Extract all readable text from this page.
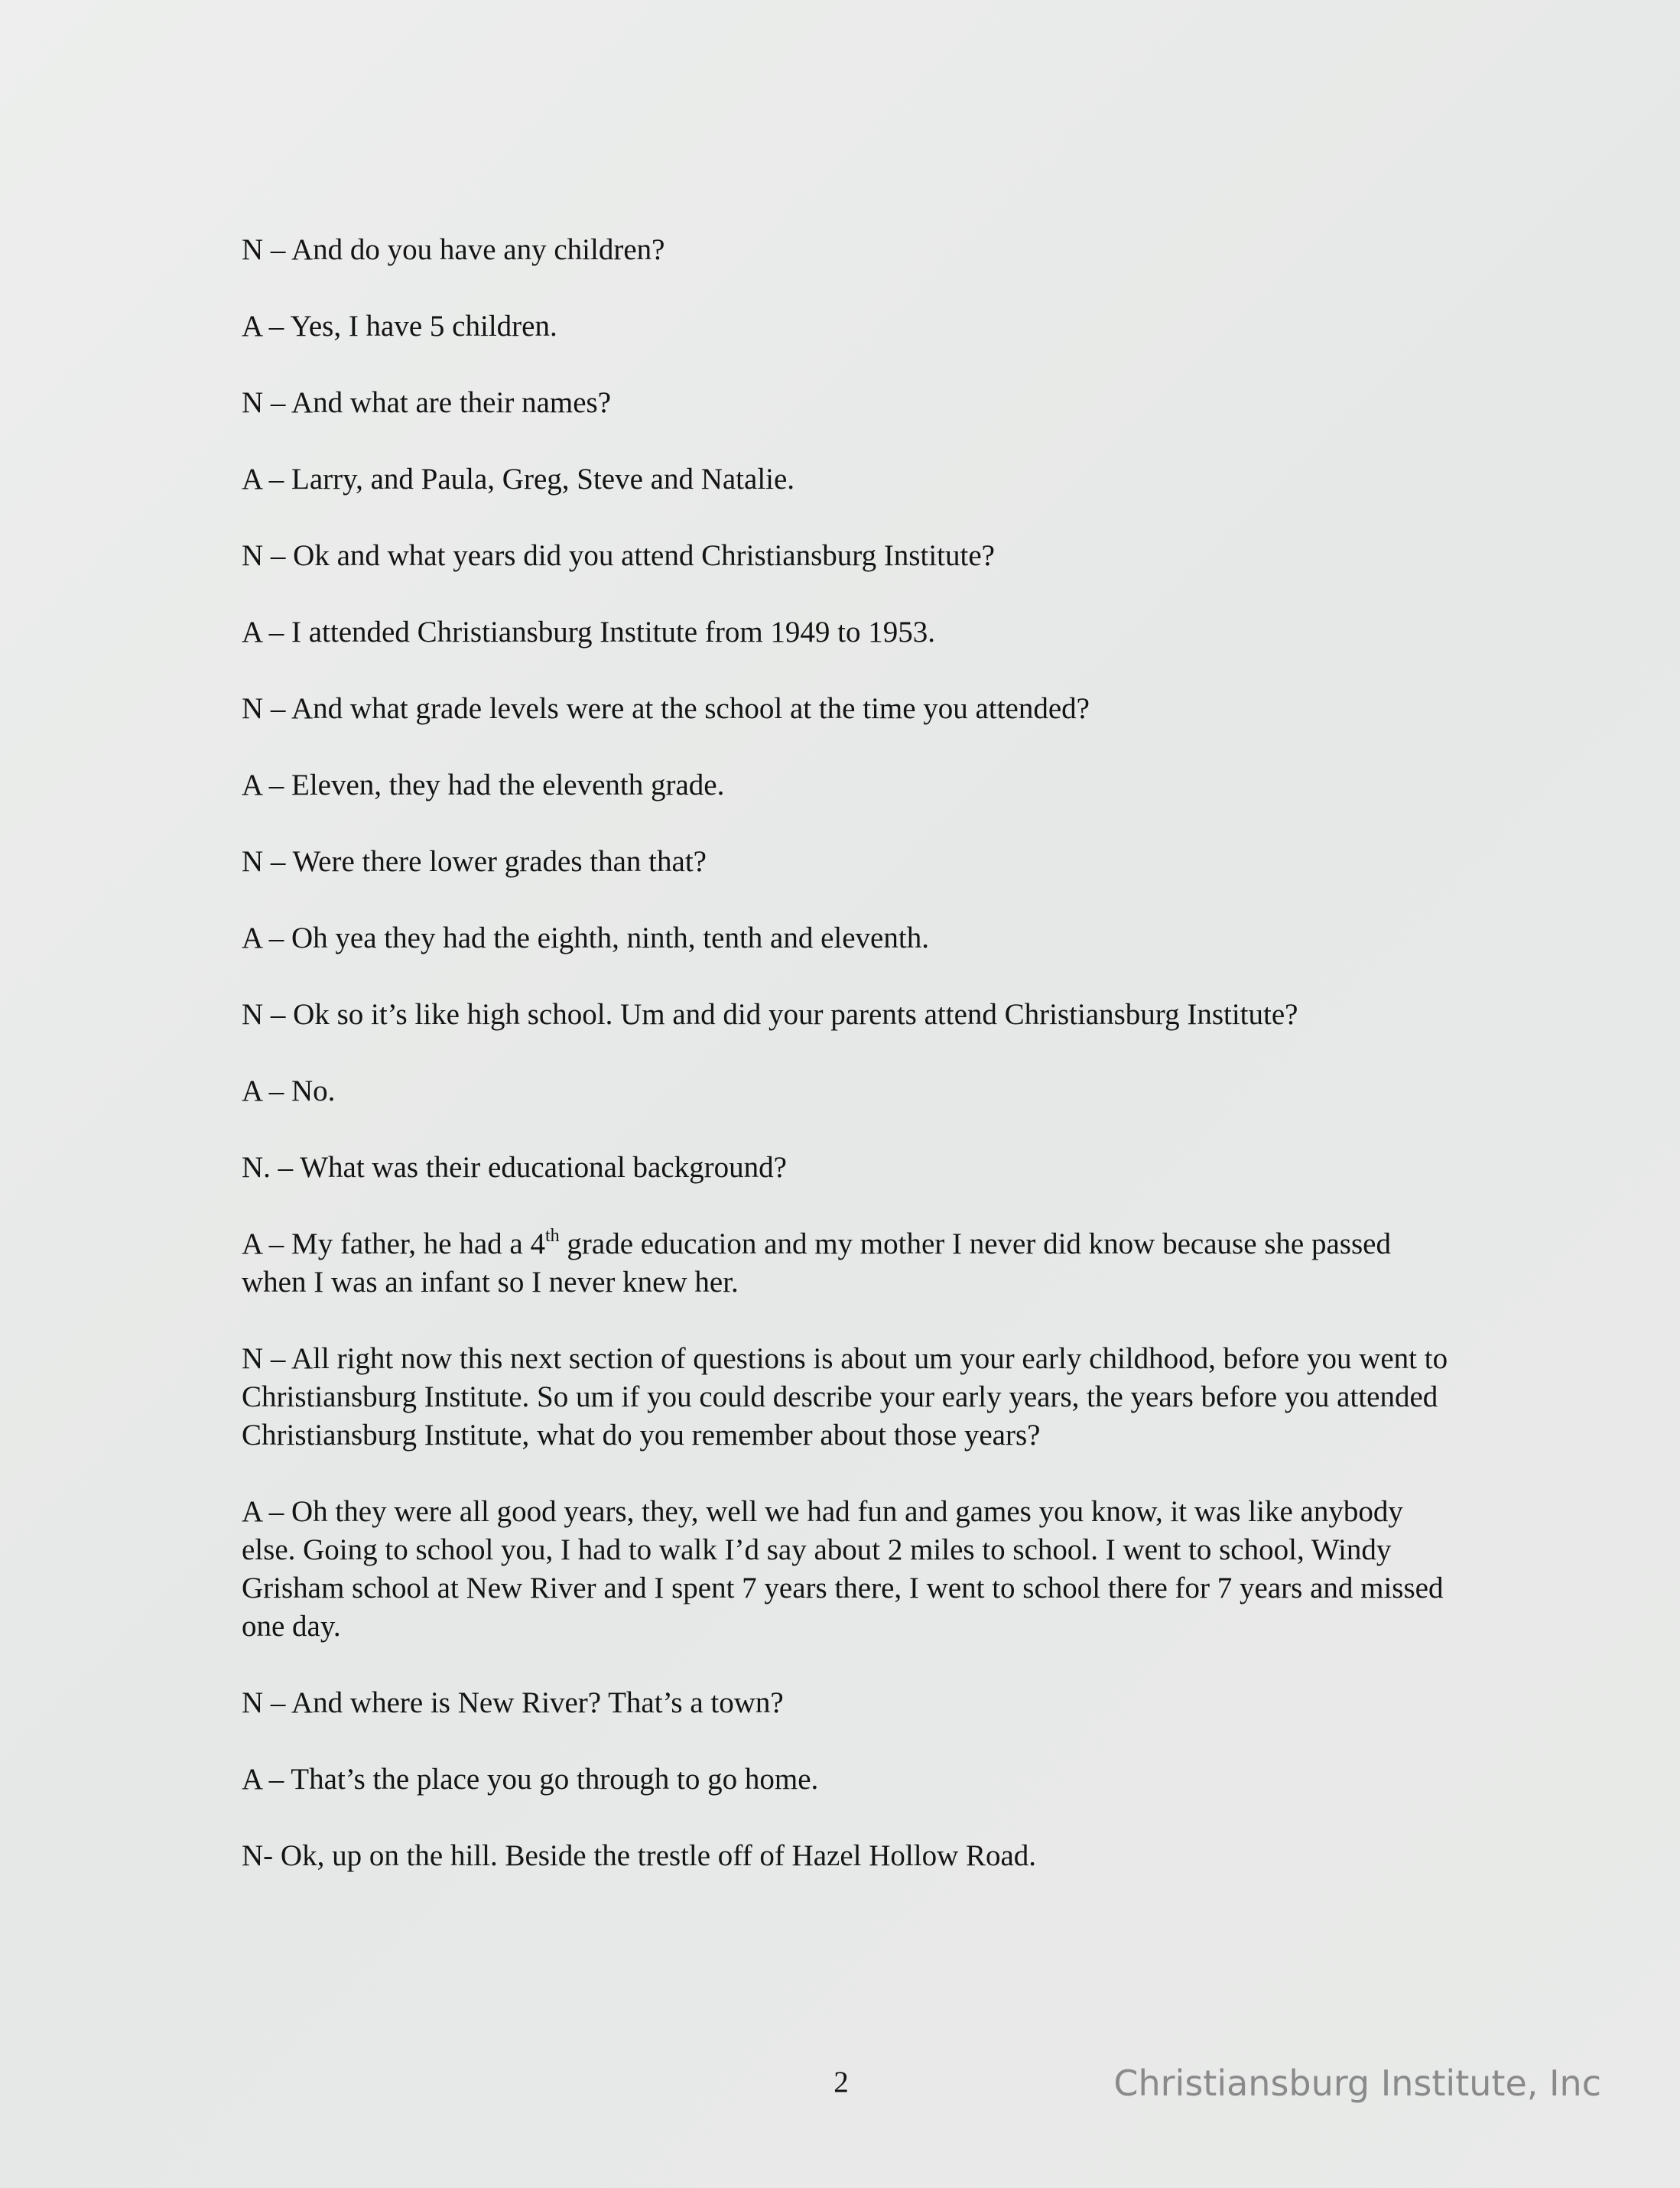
N – And do you have any children?

A – Yes, I have 5 children.

N – And what are their names?

A – Larry, and Paula, Greg, Steve and Natalie.

N – Ok and what years did you attend Christiansburg Institute?

A – I attended Christiansburg Institute from 1949 to 1953.

N – And what grade levels were at the school at the time you attended?

A – Eleven, they had the eleventh grade.

N – Were there lower grades than that?

A – Oh yea they had the eighth, ninth, tenth and eleventh.

N – Ok so it’s like high school. Um and did your parents attend Christiansburg Institute?

A – No.

N. – What was their educational background?

A – My father, he had a 4th grade education and my mother I never did know because she passed when I was an infant so I never knew her.

N – All right now this next section of questions is about um your early childhood, before you went to Christiansburg Institute. So um if you could describe your early years, the years before you attended Christiansburg Institute, what do you remember about those years?

A – Oh they were all good years, they, well we had fun and games you know, it was like anybody else. Going to school you, I had to walk I’d say about 2 miles to school. I went to school, Windy Grisham school at New River and I spent 7 years there, I went to school there for 7 years and missed one day.

N – And where is New River? That’s a town?

A – That’s the place you go through to go home.

N- Ok, up on the hill. Beside the trestle off of Hazel Hollow Road.

2	Christiansburg Institute, Inc
